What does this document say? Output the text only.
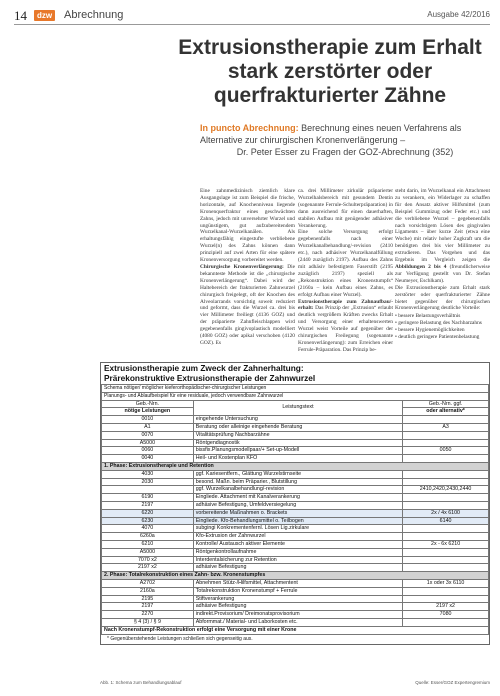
14	dzw Abrechnung	Ausgabe 42/2016
Extrusionstherapie zum Erhalt stark zerstörter oder querfrakturierter Zähne
In puncto Abrechnung: Berechnung eines neuen Verfahrens als Alternative zur chirurgischen Kronenverlängerung –
Dr. Peter Esser zu Fragen der GOZ-Abrechnung (352)

Eine zahnmedizinisch ziemlich klare Ausgangslage ist zum Beispiel die frische, horizontale, auf Knochenniveau liegende Kronenquerfraktur eines geschwächten Zahns, jedoch mit unversehrter Wurzel und ungünstigem, gut aufzubereitendem Wurzelkanal-Wurzelkanälen. Als erhaltungsfähig eingestufte verbliebene Wurzel(n) des Zahns können dann prinzipiell auf zwei Arten für eine spätere Kronenversorgung vorbereitet werden.

Chirurgische Kronenverlängerung: Die bekannteste Methode ist die „chirurgische Kronenverlängerung“. Dabei wird der Haltebereich der frakturierten Zahnwurzel chirurgisch freigelegt, oft der Knochen des Alveolarrands vorsichtig soweit reduziert und geformt, dass die Wurzel ca. drei bis vier Millimeter freiliegt (4136 GOZ) und der präparierte Zahnfleischlappen wird gegebenenfalls gingivoplastisch modelliert (4080 GOZ) oder apikal verschoben (4120 GOZ). Es

ca. drei Millimeter zirkulär präparierter Wurzelhalsbereich mit gesundem Dentin (sogenannte Ferrule-Schulterpräparation) in dann ausreichend für einen dauerhaften, stabilen Aufbau mit genügender adhäsiver Verankerung.

Eine solche Versorgung erfolgt gegebenenfalls nach einer Wurzelkanalbehandlung/-revision (2410 etc.), nach adhäsiver Wurzelkanalfüllung (2440 zuzüglich 2197). Aufbau des Zahns mit adhäsiv befestigtem Faserstift (2195 zuzüglich 2197) speziell als „Rekonstruktion eines Kronenstumpfs“ (2160a – kein Aufbau eines Zahns, es erfolgt Aufbau einer Wurzel).

Extrusionstherapie zum Zahnaufbau/-erhalt: Das Prinzip der „Extrusion“ erlaubt deutlich vergrößern Kräften zwecks Erhalt und Versorgung einer erhaltenswerten Wurzel weist Vorteile auf gegenüber der chirurgischen Freilegung (sogenannte Kronenverlängerung): zum Erreichen einer Ferrule-Präparation. Das Prinzip be-

steht darin, im Wurzelkanal ein Attachment zu verankern, ein Widerlager zu schaffen für den Ansatz aktiver Hilfsmittel (zum Beispiel Gummizug oder Feder etc.) und die verbliebene Wurzel – gegebenenfalls nach vorsichtigem Lösen des gingivalen Ligaments – über kurze Zeit (etwa eine Woche) mit relativ hoher Zugkraft um die benötigten drei bis vier Millimeter zu extrudieren. Das Vorgehen und das Ergebnis im Vergleich zeigen die Abbildungen 2 bis 4 (freundlicherweise zur Verfügung gestellt von Dr. Stefan Neumeyer, Eschlkam).

Die Extrusionstherapie zum Erhalt stark zerstörter oder querfrakturierter Zähne bietet gegenüber der chirurgischen Kronenverlängerung deutliche Vorteile:

• bessere Belastungsverhältnis
• geringere Belastung des Nachbarzahns
• bessere Hygienemöglichkeiten
• deutlich geringere Patientenbelastung
Extrusionstherapie zum Zweck der Zahnerhaltung:
Prärekonstruktive Extrusionstherapie der Zahnwurzel
Schema nötiger/ möglicher kieferorthopädischer-chirurgischer Leistungen		
Planungs- und Ablaufbeispiel für eine residuale, jedoch verwendbare Zahnwurzel		
Geb.-Nrn.	Leistungstext	Geb.-Nrn. ggf.
nötige Leistungen		oder alternativ*
0010	eingehende Untersuchung	
A1	Beratung oder alleinige eingehende Beratung	A3
0070	Vitalitätsprüfung Nachbarzähne	
A5000	Röntgendiagnostik	
0060	bissfix.Planungsmodellpaar/+ Set-up-Modell	0050
0040	Heil- und Kostenplan KFO	
1. Phase: Extrusionstherapie und Retention		
4030	ggf. Kariesentfern., Glättung Wurzelstirnseite	
2030	besond. Maßn. beim Präparier., Blutstillung	
	ggf. Wurzelkanalbehandlung/-revision	2410,2420,2430,2440
6190	Eingliede. Attachment mit Kanalverankerung	
2197	adhäsive Befestigung, Umfeldversiegelung	
6220	vorbereitende Maßnahmen o. Brackets	2x / 4x 6100
6230	Eingliede. Kfo-Behandlungsmittel o. Teilbogen	6140
4070	subgingi Konkrementenfernl. Lösen Lig.zirkulare	
6260a	Kfo-Extrusion der Zahnwurzel	
6210	Kontrolle/ Austausch aktiver Elemente	2x - 6x 6210
A5000	Röntgenkontrollaufnahme	
7070 x2	Interdentalsicherung zur Retention	
2197 x2	adhäsive Befestigung	
2. Phase: Totalrekonstruktion eines Zahn- bzw. Kronenstumpfes		
A2702	Abnehmen Stütz-/Hilfsmittel, Attachmentent	1x oder 3x 6110
2160a	Totalrekonstruktion Kronenstumpf + Ferrule	
2195	Stiftverankerung	
2197	adhäsive Befestigung	2197 x2
2270	indirekt.Provisorium/ Dreimonatsprovisorium	7080
§ 4 (3) / § 9	Abformmat./ Material- und Laborkosten etc.	
Nach Kronenstumpf-Rekonstruktion erfolgt eine Versorgung mit einer Krone		
* Gegenüberstehende Leistungen schließen sich gegenseitig aus.
Abb. 1: Schema zum Behandlungsablauf	Quelle: Esser/GOZ Expertengremium
